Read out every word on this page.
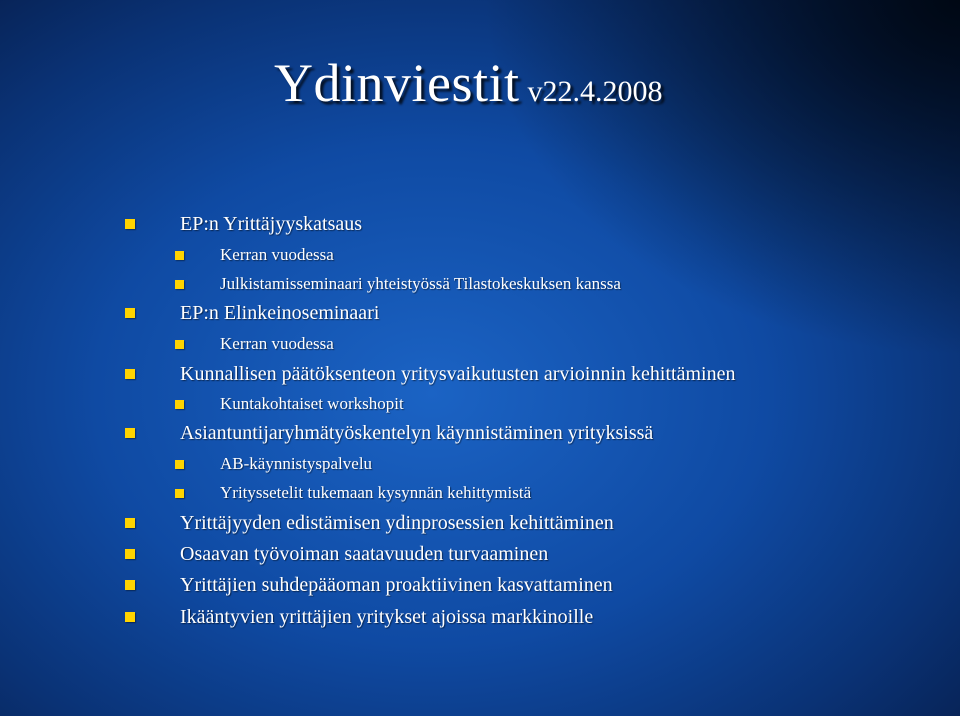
Ydinviestit v22.4.2008
EP:n Yrittäjyyskatsaus
Kerran vuodessa
Julkistamisseminaari yhteistyössä Tilastokeskuksen kanssa
EP:n Elinkeinoseminaari
Kerran vuodessa
Kunnallisen päätöksenteon yritysvaikutusten arvioinnin kehittäminen
Kuntakohtaiset workshopit
Asiantuntijaryhmätyöskentelyn käynnistäminen yrityksissä
AB-käynnistyspalvelu
Yrityssetelit tukemaan kysynnän kehittymistä
Yrittäjyyden edistämisen ydinprosessien kehittäminen
Osaavan työvoiman saatavuuden turvaaminen
Yrittäjien suhdepääoman proaktiivinen kasvattaminen
Ikääntyvien yrittäjien yritykset ajoissa markkinoille
